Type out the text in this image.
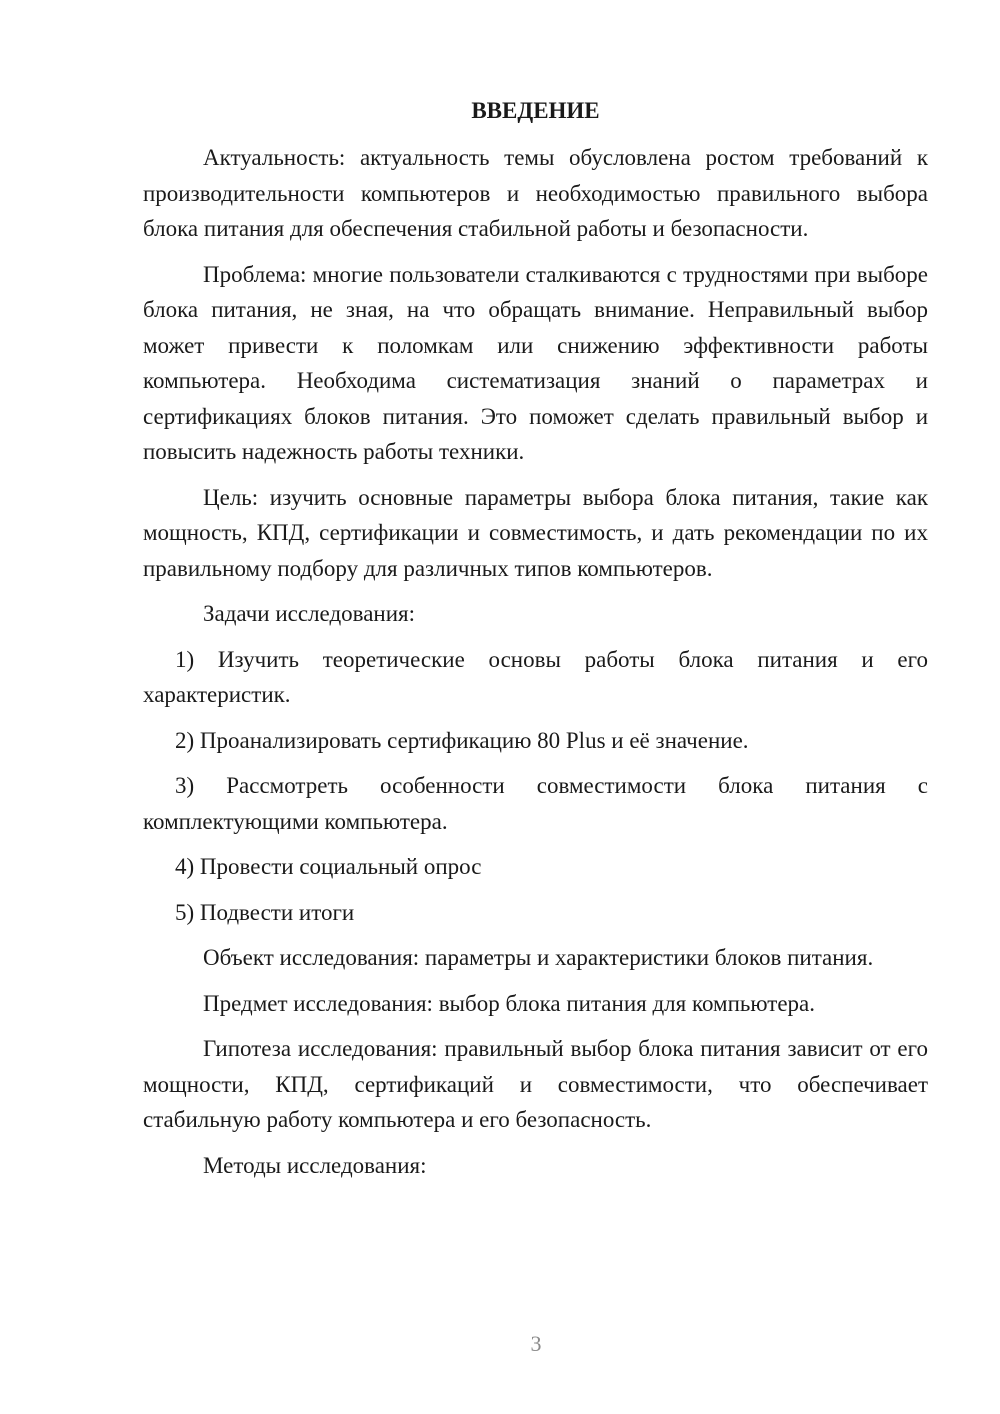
ВВЕДЕНИЕ

Актуальность: актуальность темы обусловлена ростом требований к производительности компьютеров и необходимостью правильного выбора блока питания для обеспечения стабильной работы и безопасности.

Проблема: многие пользователи сталкиваются с трудностями при выборе блока питания, не зная, на что обращать внимание. Неправильный выбор может привести к поломкам или снижению эффективности работы компьютера. Необходима систематизация знаний о параметрах и сертификациях блоков питания. Это поможет сделать правильный выбор и повысить надежность работы техники.

Цель: изучить основные параметры выбора блока питания, такие как мощность, КПД, сертификации и совместимость, и дать рекомендации по их правильному подбору для различных типов компьютеров.

Задачи исследования:

1) Изучить теоретические основы работы блока питания и его характеристик.

2) Проанализировать сертификацию 80 Plus и её значение.

3) Рассмотреть особенности совместимости блока питания с комплектующими компьютера.

4) Провести социальный опрос

5) Подвести итоги

Объект исследования: параметры и характеристики блоков питания.

Предмет исследования: выбор блока питания для компьютера.

Гипотеза исследования: правильный выбор блока питания зависит от его мощности, КПД, сертификаций и совместимости, что обеспечивает стабильную работу компьютера и его безопасность.

Методы исследования:

3
